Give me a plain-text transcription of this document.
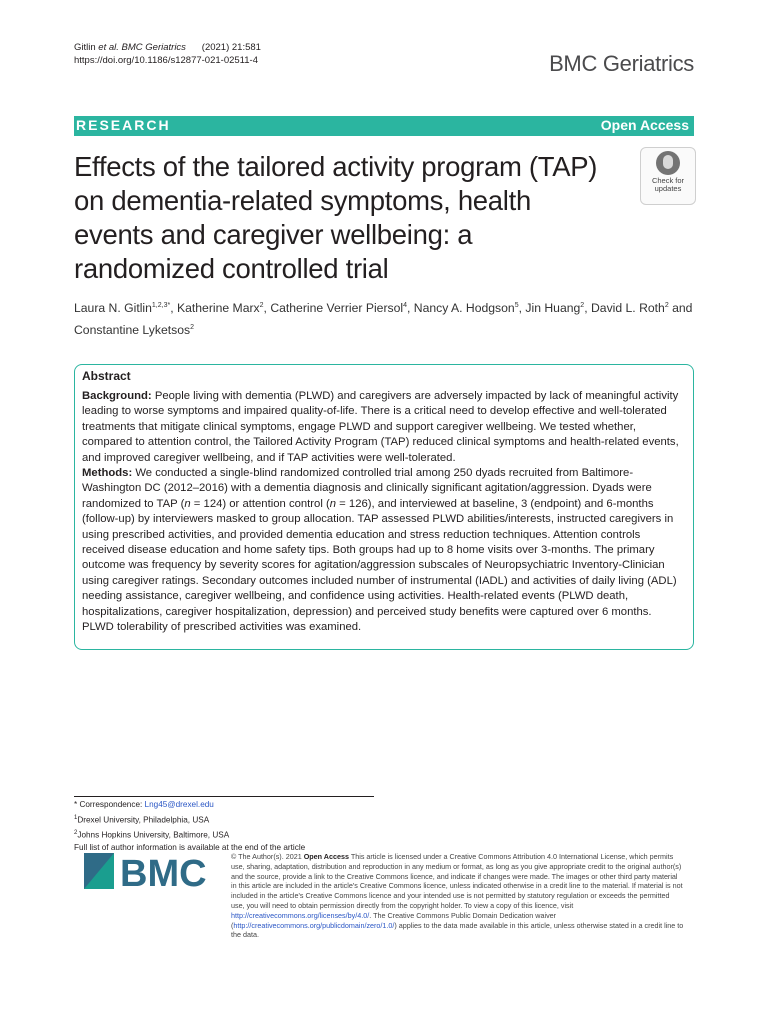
Gitlin et al. BMC Geriatrics (2021) 21:581
https://doi.org/10.1186/s12877-021-02511-4	BMC Geriatrics
RESEARCH	Open Access
Effects of the tailored activity program (TAP) on dementia-related symptoms, health events and caregiver wellbeing: a randomized controlled trial
Check for
updates
Laura N. Gitlin$^{1,2,3*}$, Katherine Marx$^2$, Catherine Verrier Piersol$^4$, Nancy A. Hodgson$^5$, Jin Huang$^2$, David L. Roth$^2$ and
Constantine Lyketsos$^2$
Abstract

Background: People living with dementia (PLWD) and caregivers are adversely impacted by lack of meaningful activity leading to worse symptoms and impaired quality-of-life. There is a critical need to develop effective and well-tolerated treatments that mitigate clinical symptoms, engage PLWD and support caregiver wellbeing. We tested whether, compared to attention control, the Tailored Activity Program (TAP) reduced clinical symptoms and health-related events, and improved caregiver wellbeing, and if TAP activities were well-tolerated.

Methods: We conducted a single-blind randomized controlled trial among 250 dyads recruited from Baltimore-Washington DC (2012–2016) with a dementia diagnosis and clinically significant agitation/aggression. Dyads were randomized to TAP (n = 124) or attention control (n = 126), and interviewed at baseline, 3 (endpoint) and 6-months (follow-up) by interviewers masked to group allocation. TAP assessed PLWD abilities/interests, instructed caregivers in using prescribed activities, and provided dementia education and stress reduction techniques. Attention controls received disease education and home safety tips. Both groups had up to 8 home visits over 3-months. The primary outcome was frequency by severity scores for agitation/aggression subscales of Neuropsychiatric Inventory-Clinician using caregiver ratings. Secondary outcomes included number of instrumental (IADL) and activities of daily living (ADL) needing assistance, caregiver wellbeing, and confidence using activities. Health-related events (PLWD death, hospitalizations, caregiver hospitalization, depression) and perceived study benefits were captured over 6 months. PLWD tolerability of prescribed activities was examined.

* Correspondence: Lng45@drexel.edu
$^1$Drexel University, Philadelphia, USA
$^2$Johns Hopkins University, Baltimore, USA
Full list of author information is available at the end of the article
BMC	© The Author(s). 2021 Open Access This article is licensed under a Creative Commons Attribution 4.0 International License, which permits use, sharing, adaptation, distribution and reproduction in any medium or format, as long as you give appropriate credit to the original author(s) and the source, provide a link to the Creative Commons licence, and indicate if changes were made. The images or other third party material in this article are included in the article's Creative Commons licence, unless indicated otherwise in a credit line to the material. If material is not included in the article's Creative Commons licence and your intended use is not permitted by statutory regulation or exceeds the permitted use, you will need to obtain permission directly from the copyright holder. To view a copy of this licence, visit http://creativecommons.org/licenses/by/4.0/. The Creative Commons Public Domain Dedication waiver (http://creativecommons.org/publicdomain/zero/1.0/) applies to the data made available in this article, unless otherwise stated in a credit line to the data.
